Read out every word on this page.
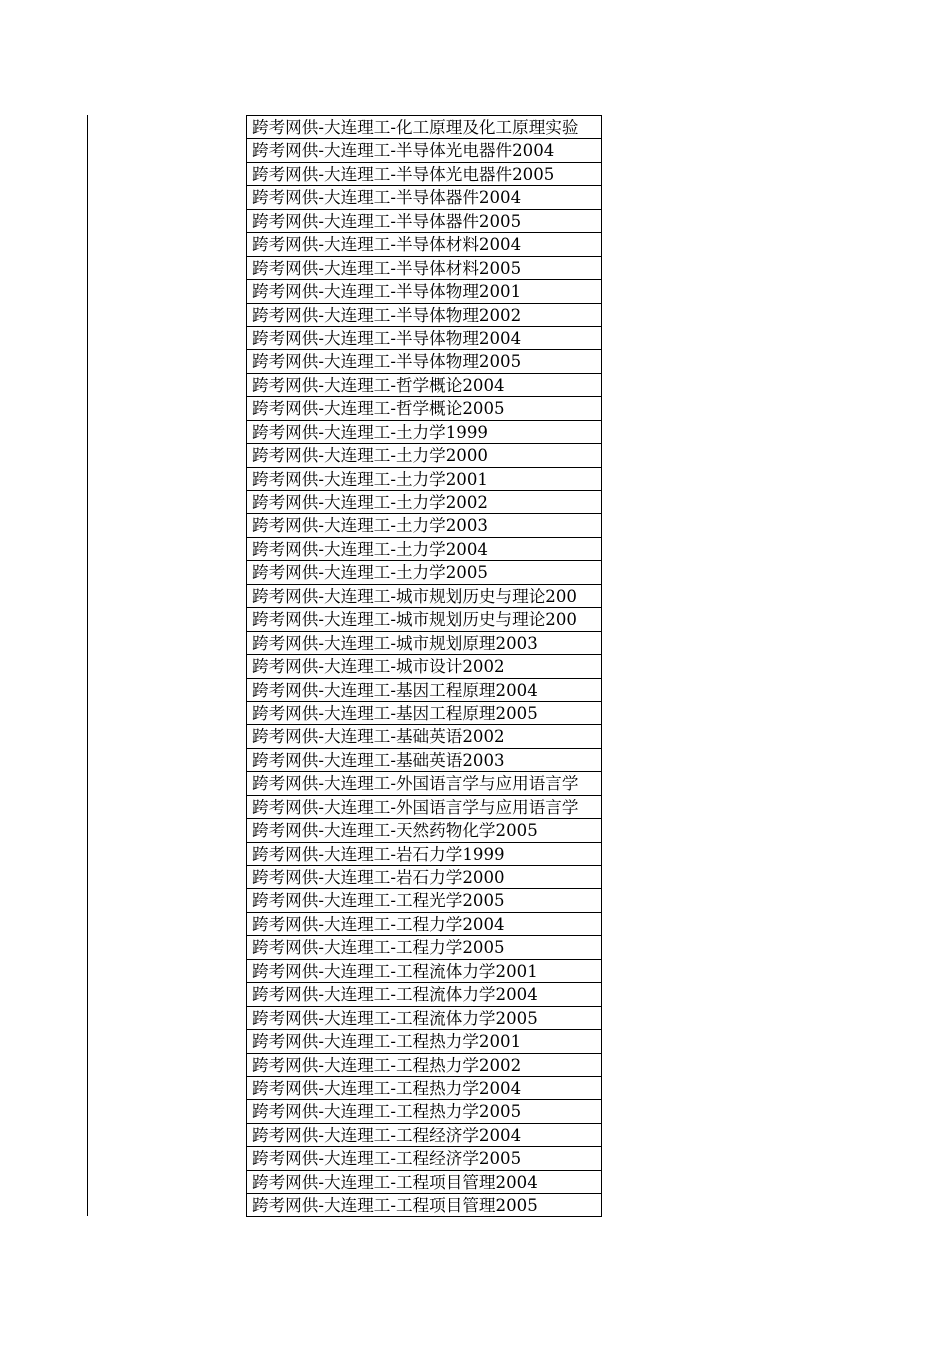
跨考网供-大连理工-化工原理及化工原理实验
跨考网供-大连理工-半导体光电器件2004
跨考网供-大连理工-半导体光电器件2005
跨考网供-大连理工-半导体器件2004
跨考网供-大连理工-半导体器件2005
跨考网供-大连理工-半导体材料2004
跨考网供-大连理工-半导体材料2005
跨考网供-大连理工-半导体物理2001
跨考网供-大连理工-半导体物理2002
跨考网供-大连理工-半导体物理2004
跨考网供-大连理工-半导体物理2005
跨考网供-大连理工-哲学概论2004
跨考网供-大连理工-哲学概论2005
跨考网供-大连理工-土力学1999
跨考网供-大连理工-土力学2000
跨考网供-大连理工-土力学2001
跨考网供-大连理工-土力学2002
跨考网供-大连理工-土力学2003
跨考网供-大连理工-土力学2004
跨考网供-大连理工-土力学2005
跨考网供-大连理工-城市规划历史与理论200
跨考网供-大连理工-城市规划历史与理论200
跨考网供-大连理工-城市规划原理2003
跨考网供-大连理工-城市设计2002
跨考网供-大连理工-基因工程原理2004
跨考网供-大连理工-基因工程原理2005
跨考网供-大连理工-基础英语2002
跨考网供-大连理工-基础英语2003
跨考网供-大连理工-外国语言学与应用语言学
跨考网供-大连理工-外国语言学与应用语言学
跨考网供-大连理工-天然药物化学2005
跨考网供-大连理工-岩石力学1999
跨考网供-大连理工-岩石力学2000
跨考网供-大连理工-工程光学2005
跨考网供-大连理工-工程力学2004
跨考网供-大连理工-工程力学2005
跨考网供-大连理工-工程流体力学2001
跨考网供-大连理工-工程流体力学2004
跨考网供-大连理工-工程流体力学2005
跨考网供-大连理工-工程热力学2001
跨考网供-大连理工-工程热力学2002
跨考网供-大连理工-工程热力学2004
跨考网供-大连理工-工程热力学2005
跨考网供-大连理工-工程经济学2004
跨考网供-大连理工-工程经济学2005
跨考网供-大连理工-工程项目管理2004
跨考网供-大连理工-工程项目管理2005
